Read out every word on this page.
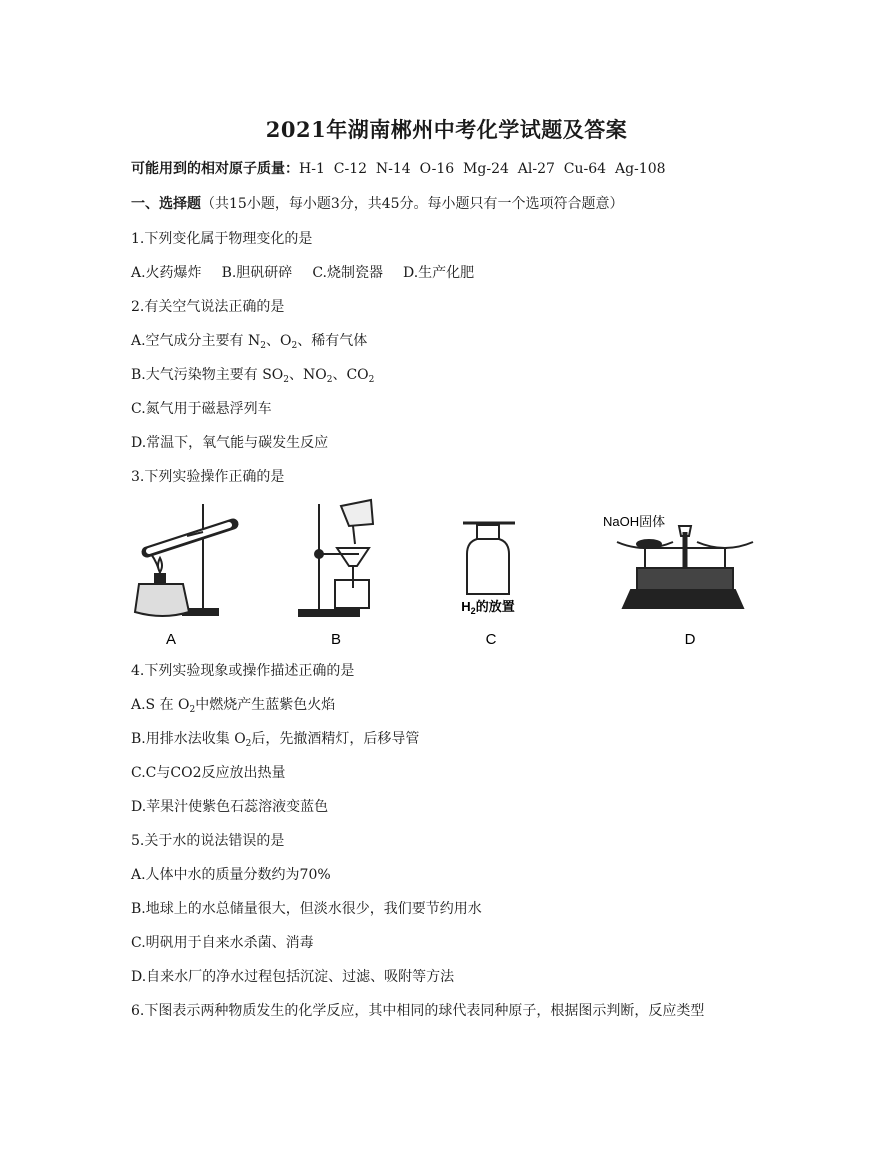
2021年湖南郴州中考化学试题及答案
可能用到的相对原子质量：H-1  C-12  N-14  O-16  Mg-24  Al-27  Cu-64  Ag-108
一、选择题（共15小题，每小题3分，共45分。每小题只有一个选项符合题意）
1.下列变化属于物理变化的是
A.火药爆炸 B.胆矾研碎 C.烧制瓷器 D.生产化肥
2.有关空气说法正确的是
A.空气成分主要有 $N_2$、$O_2$、稀有气体
B.大气污染物主要有 $SO_2$、$NO_2$、$CO_2$
C.氮气用于磁悬浮列车
D.常温下，氧气能与碳发生反应
3.下列实验操作正确的是
A	B
$H_2$的放置
C
NaOH固体
D
4.下列实验现象或操作描述正确的是
A.S 在 $O_2$中燃烧产生蓝紫色火焰
B.用排水法收集 $O_2$后，先撤酒精灯，后移导管
C.C与CO2反应放出热量
D.苹果汁使紫色石蕊溶液变蓝色
5.关于水的说法错误的是
A.人体中水的质量分数约为70%
B.地球上的水总储量很大，但淡水很少，我们要节约用水
C.明矾用于自来水杀菌、消毒
D.自来水厂的净水过程包括沉淀、过滤、吸附等方法
6.下图表示两种物质发生的化学反应，其中相同的球代表同种原子，根据图示判断，反应类型
